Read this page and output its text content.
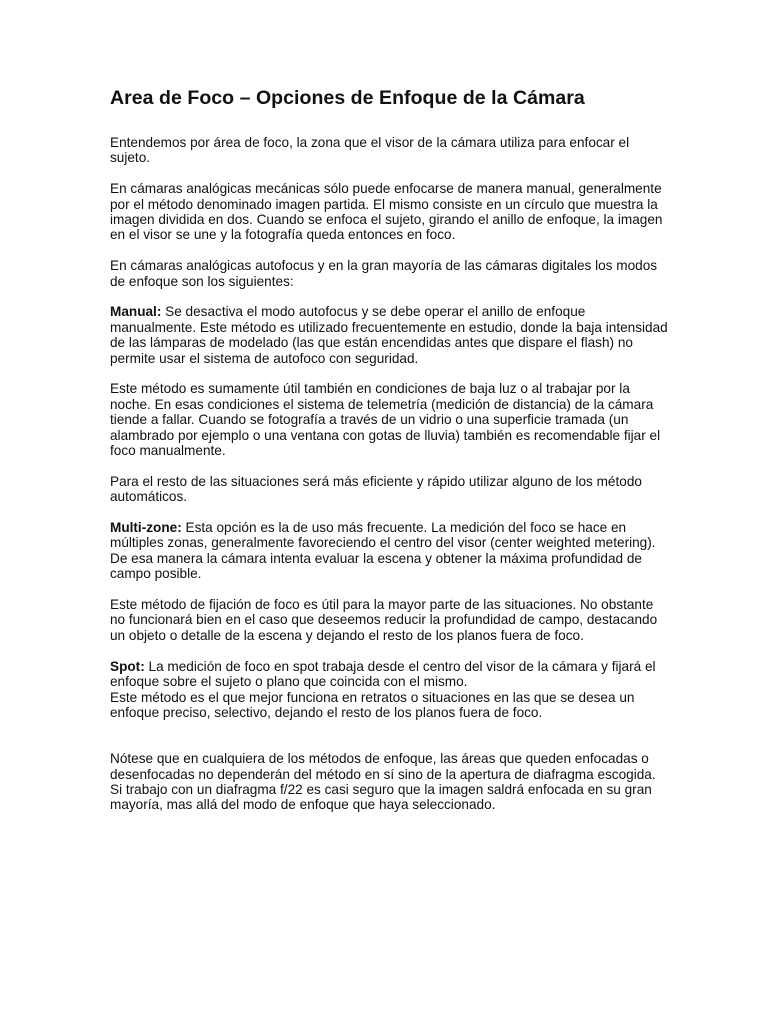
Area de Foco – Opciones de Enfoque de la Cámara

Entendemos por área de foco, la zona que el visor de la cámara utiliza para enfocar el sujeto.

En cámaras analógicas mecánicas sólo puede enfocarse de manera manual, generalmente por el método denominado imagen partida. El mismo consiste en un círculo que muestra la imagen dividida en dos. Cuando se enfoca el sujeto, girando el anillo de enfoque, la imagen en el visor se une y la fotografía queda entonces en foco.

En cámaras analógicas autofocus y en la gran mayoría de las cámaras digitales los modos de enfoque son los siguientes:

Manual: Se desactiva el modo autofocus y se debe operar el anillo de enfoque manualmente. Este método es utilizado frecuentemente en estudio, donde la baja intensidad de las lámparas de modelado (las que están encendidas antes que dispare el flash) no permite usar el sistema de autofoco con seguridad.

Este método es sumamente útil también en condiciones de baja luz o al trabajar por la noche. En esas condiciones el sistema de telemetría (medición de distancia) de la cámara tiende a fallar. Cuando se fotografía a través de un vidrio o una superficie tramada (un alambrado por ejemplo o una ventana con gotas de lluvia) también es recomendable fijar el foco manualmente.

Para el resto de las situaciones será más eficiente y rápido utilizar alguno de los método automáticos.

Multi-zone: Esta opción es la de uso más frecuente. La medición del foco se hace en múltiples zonas, generalmente favoreciendo el centro del visor (center weighted metering). De esa manera la cámara intenta evaluar la escena y obtener la máxima profundidad de campo posible.

Este método de fijación de foco es útil para la mayor parte de las situaciones. No obstante no funcionará bien en el caso que deseemos reducir la profundidad de campo, destacando un objeto o detalle de la escena y dejando el resto de los planos fuera de foco.

Spot: La medición de foco en spot trabaja desde el centro del visor de la cámara y fijará el enfoque sobre el sujeto o plano que coincida con el mismo.
Este método es el que mejor funciona en retratos o situaciones en las que se desea un enfoque preciso, selectivo, dejando el resto de los planos fuera de foco.

Nótese que en cualquiera de los métodos de enfoque, las áreas que queden enfocadas o desenfocadas no dependerán del método en sí sino de la apertura de diafragma escogida. Si trabajo con un diafragma f/22 es casi seguro que la imagen saldrá enfocada en su gran mayoría, mas allá del modo de enfoque que haya seleccionado.
